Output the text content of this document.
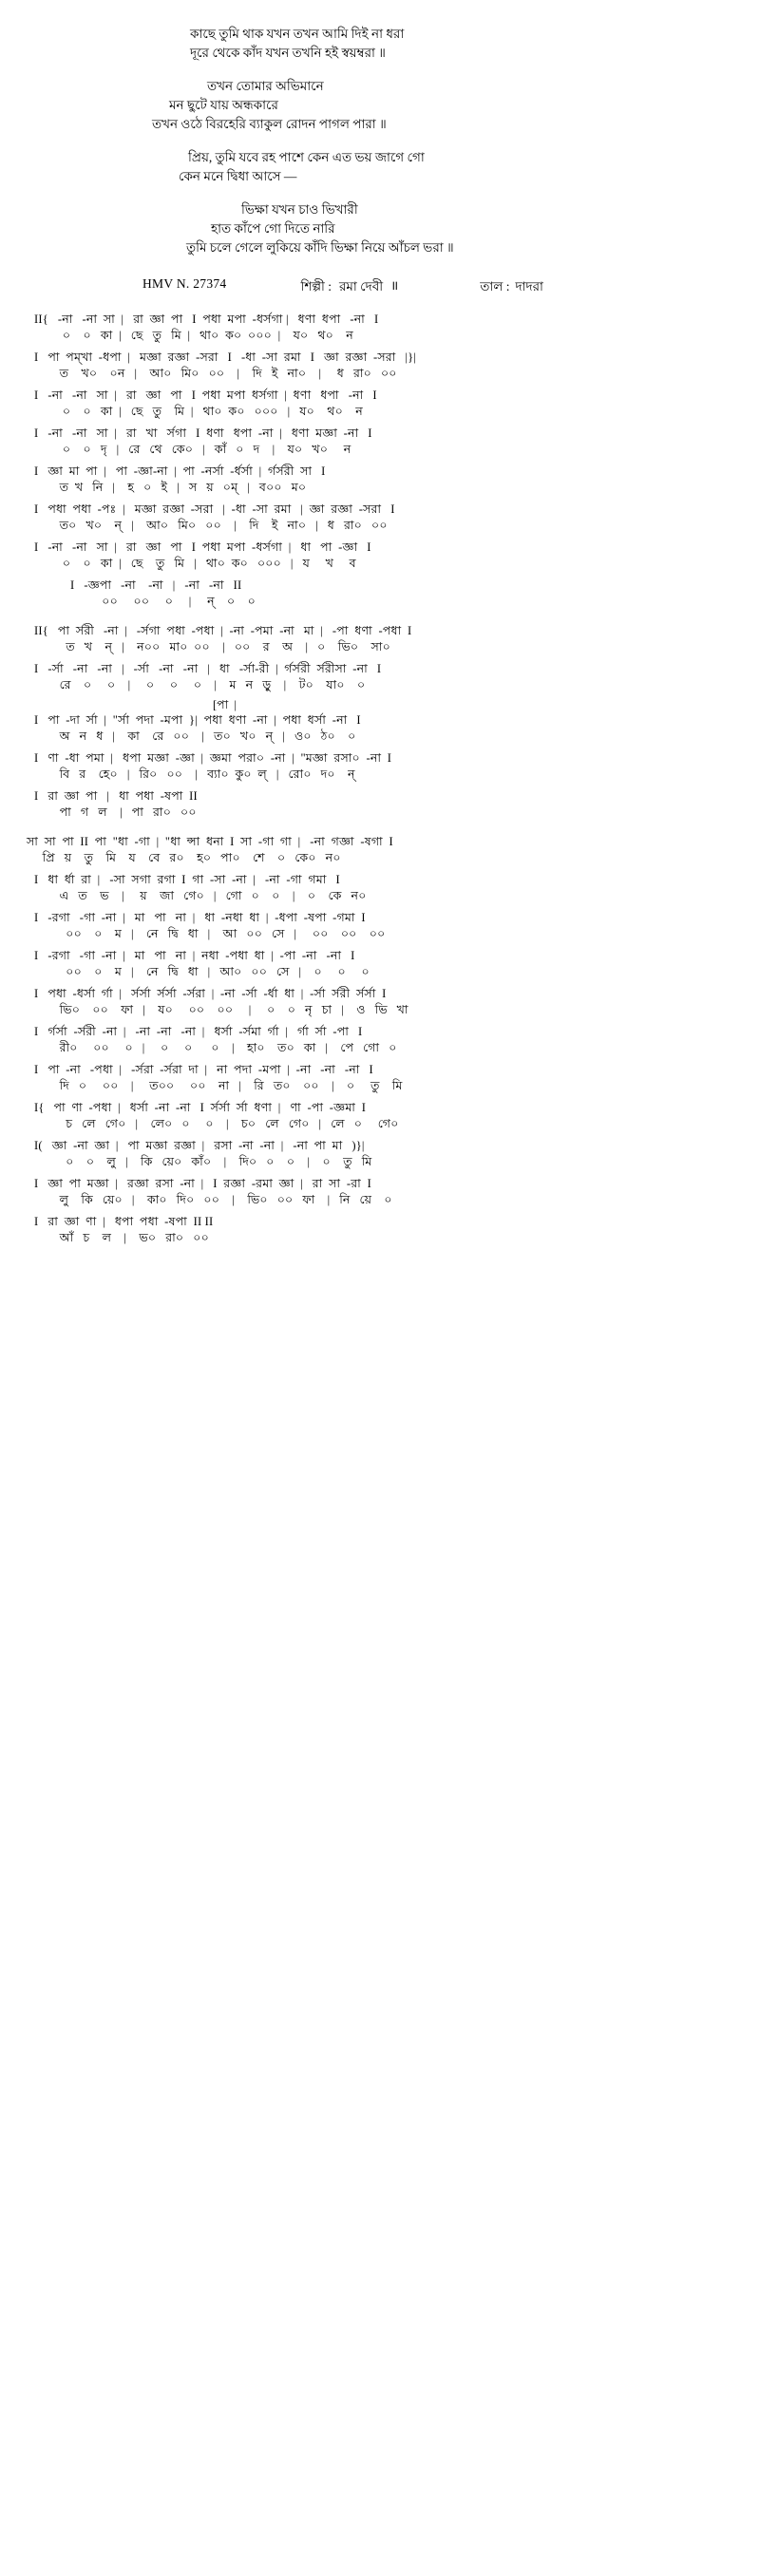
কাছে তুমি থাক যখন তখন আমি দিই না ধরা
দূরে থেকে কাঁদ যখন তখনি হই স্বয়ম্বরা ॥
তখন তোমার অভিমানে
মন ছুটে যায় অন্ধকারে
তখন ওঠে বিরহেরি ব্যাকুল রোদন পাগল পারা ॥
প্রিয়, তুমি যবে রহ পাশে কেন এত ভয় জাগে গো
কেন মনে দ্বিধা আসে —
ভিক্ষা যখন চাও ভিখারী
হাত কাঁপে গো দিতে নারি
তুমি চলে গেলে লুকিয়ে কাঁদি ভিক্ষা নিয়ে আঁচল ভরা ॥
HMV N. 27374	শিল্পী : রমা দেবী ॥	তাল : দাদরা
II{   -না   -না  সা  |   রা  জ্ঞা  পা   I  পধা  মপা  -ধর্সগা |   ধণা  ধপা   -না   I
০    ০   কা  |   ছে   তু   মি  |   থা০  ক০  ০০০  |    য০   থ০    ন
I   পা  পম্খা  -ধপা  |   মজ্ঞা  রজ্ঞা  -সরা   I   -ধা  -সা  রমা   I   জ্ঞা  রজ্ঞা  -সরা   |}|
ত    খ০    ০ন   |    আ০   মি০   ০০    |    দি   ই   না০    |     ধ   রা০   ০০
I   -না   -না   সা  |   রা   জ্ঞা   পা   I  পধা  মপা  ধর্সগা  |  ধণা   ধপা   -না   I
০    ০   কা  |   ছে   তু    মি  |   থা০  ক০   ০০০   |   য০    থ০    ন
I   -না   -না   সা  |   রা   খা   র্সগা   I  ধণা   ধপা  -না  |   ধণা  মজ্ঞা  -না   I
০    ০   দৃ   |   রে   থে   কে০   |   কাঁ   ০   দ    |    য০   খ০     ন
I   জ্ঞা  মা  পা  |   পা  -জ্ঞা-না  |  পা  -নর্সা  -র্ধর্সা  |  র্গর্সরী  সা   I
ত  খ   নি   |    হ   ০   ই   |   স   য়   ০ম্   |   ব০০   ম০
I   পধা  পধা  -পঃ  |   মজ্ঞা  রজ্ঞা  -সরা   |  -ধা  -সা  রমা   |  জ্ঞা  রজ্ঞা  -সরা   I
ত০   খ০    ন্   |    আ০   মি০   ০০    |    দি    ই   না০   |   ধ   রা০   ০০
I   -না   -না   সা  |   রা   জ্ঞা   পা   I  পধা  মপা  -ধর্সগা  |   ধা   পা  -জ্ঞা   I
০    ০   কা  |   ছে    তু   মি   |   থা০  ক০   ০০০   |   য     খ     ব
I   -জ্ঞপা   -না    -না   |   -না   -না   II
০০     ০০     ০     |     ন্    ০    ০
II{   পা  র্সরী   -না  |   -র্সগা  পধা  -পধা  |  -না  -পমা  -না   মা  |   -পা  ধণা  -পধা  I
ত   খ    ন্   |    ন০০   মা০  ০০    |   ০০    র    অ    |   ০    ভি০    সা০
I   -র্সা   -না   -না   |   -র্সা   -না   -না   |   ধা   -র্সা-রী  |  র্গর্সরী  র্সরীসা  -না   I
রে    ০     ০    |     ০     ০     ০    |    ম   ন   ড়ু    |    ট০    যা০    ০
[পা  |
I   পা  -দা  র্সা  |  "র্সা  পদা  -মপা  }|  পধা  ধণা  -না  |  পধা  ধর্সা  -না   I
অ   ন   ধ   |    কা    রে   ০০    |   ত০   খ০   ন্   |   ও০   ঠ০    ০
I   ণা  -ধা  পমা  |   ধপা  মজ্ঞা  -জ্ঞা  |  জ্ঞমা  পরা০  -না  |  "মজ্ঞা  রসা০  -না  I
বি   র    হে০   |   রি০   ০০    |   ব্যা০  কু০  ল্   |   রো০   দ০    ন্
I   রা  জ্ঞা  পা   |   ধা  পধা  -ষপা  II
পা   গ   ল    |   পা   রা০   ০০
সা  সা  পা  II  পা  "ধা  -গা  |  "ধা  ন্সা  ধনা  I  সা  -গা  গা  |   -না  গজ্ঞা  -ষগা  I
প্রি   য়    তু    মি    য    বে   র০    হ০   পা০    শে    ০   কে০   ন০
I   ধা  র্ধা  রা  |   -সা  সগা  রগা  I  গা  -সা  -না  |   -না  -গা  গমা   I
এ   ত    ভ    |     য়    জা   গে০   |   গো   ০    ০    |    ০    কে   ন০
I   -রগা   -গা  -না  |   মা   পা   না  |   ধা  -নধা  ধা  |  -ধপা  -ষপা  -গমা  I
০০    ০    ম   |    নে   দ্বি   ধা   |    আ   ০০   সে   |     ০০    ০০    ০০
I   -রগা   -গা  -না  |   মা   পা   না  |  নধা  -পধা  ধা  |  -পা  -না   -না   I
০০    ০    ম   |    নে   দ্বি   ধা   |   আ০   ০০   সে   |    ০     ০     ০
I   পধা  -ধর্সা  র্গা  |   র্সর্সা  র্সর্সা  -র্সরা  |  -না  -র্সা  -র্ধা  ধা  |  -র্সা  র্সরী  র্সর্সা  I
ভি০    ০০    ফা   |    য০     ০০    ০০     |     ০    ০   নৃ   চা   |    ও   ভি   খা
I   র্গর্সা  -র্সরী  -না  |   -না  -না   -না  |   ধর্সা  -র্সমা  র্গা  |   র্গা  র্সা  -পা   I
রী০     ০০     ০   |     ০     ০      ০    |    হা০    ত০   কা   |    পে   গো   ০
I   পা  -না   -পধা  |   -র্সরা  -র্সরা  দা  |   না  পদা  -মপা  |  -না   -না   -না   I
দি   ০     ০০    |     ত০০     ০০    না   |    রি   ত০    ০০    |    ০     তু    মি
I{   পা  ণা  -পধা  |   ধর্সা  -না  -না   I  র্সর্সা  র্সা  ধণা  |   ণা  -পা  -জ্ঞমা  I
চ   লে   গে০   |    লে০   ০     ০    |    চ০   লে   গে০   |   লে   ০     গে০
I(   জ্ঞা  -না  জ্ঞা  |   পা  মজ্ঞা  রজ্ঞা  |   রসা  -না  -না  |   -না  পা  মা   )}|
০    ০    লু   |    কি   য়ে০   কাঁ০    |    দি০   ০    ০    |    ০    তু   মি
I   জ্ঞা  পা  মজ্ঞা  |   রজ্ঞা  রসা  -না  |   I  রজ্ঞা  -রমা  জ্ঞা  |   রা  সা  -রা  I
লু    কি   য়ে০   |    কা০   দি০   ০০    |    ভি০   ০০   ফা    |   নি   য়ে    ০
I   রা  জ্ঞা  ণা  |   ধপা  পধা  -ষপা  II II
আঁ   চ    ল    |    ভ০   রা০   ০০
